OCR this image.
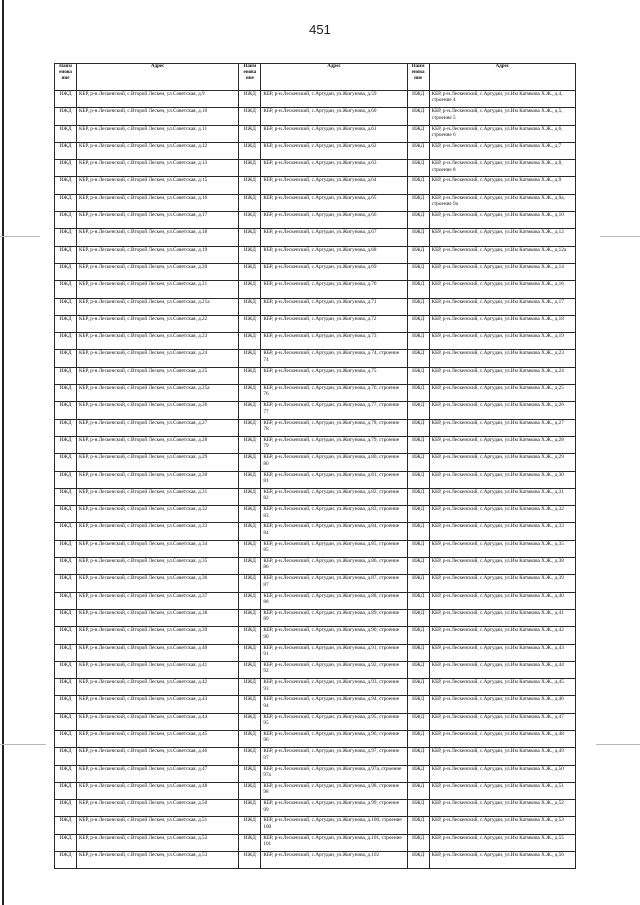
451
Наим енова ние	Адрес	Наим енова ние	Адрес	Наим енова ние	Адрес
ИЖД	КБР, р-н.Лескенский, с.Второй Лескен, ул.Советская, д.9	ИЖД	КБР, р-н.Лескенский, с.Аргудан, ул.Жигунова, д.59	ИЖД	КБР, р-н.Лескенский, с.Аргудан, ул.Им Катмкова Х.Ж., д.4, строение 4
ИЖД	КБР, р-н.Лескенский, с.Второй Лескен, ул.Советская, д.10	ИЖД	КБР, р-н.Лескенский, с.Аргудан, ул.Жигунова, д.60	ИЖД	КБР, р-н.Лескенский, с.Аргудан, ул.Им Катмкова Х.Ж., д.5, строение 5
ИЖД	КБР, р-н.Лескенский, с.Второй Лескен, ул.Советская, д.11	ИЖД	КБР, р-н.Лескенский, с.Аргудан, ул.Жигунова, д.61	ИЖД	КБР, р-н.Лескенский, с.Аргудан, ул.Им Катмкова Х.Ж., д.6, строение 6
ИЖД	КБР, р-н.Лескенский, с.Второй Лескен, ул.Советская, д.12	ИЖД	КБР, р-н.Лескенский, с.Аргудан, ул.Жигунова, д.62	ИЖД	КБР, р-н.Лескенский, с.Аргудан, ул.Им Катмкова Х.Ж., д.7
ИЖД	КБР, р-н.Лескенский, с.Второй Лескен, ул.Советская, д.13	ИЖД	КБР, р-н.Лескенский, с.Аргудан, ул.Жигунова, д.63	ИЖД	КБР, р-н.Лескенский, с.Аргудан, ул.Им Катмкова Х.Ж., д.8, строение 8
ИЖД	КБР, р-н.Лескенский, с.Второй Лескен, ул.Советская, д.15	ИЖД	КБР, р-н.Лескенский, с.Аргудан, ул.Жигунова, д.64	ИЖД	КБР, р-н.Лескенский, с.Аргудан, ул.Им Катмкова Х.Ж., д.9
ИЖД	КБР, р-н.Лескенский, с.Второй Лескен, ул.Советская, д.16	ИЖД	КБР, р-н.Лескенский, с.Аргудан, ул.Жигунова, д.65	ИЖД	КБР, р-н.Лескенский, с.Аргудан, ул.Им Катмкова Х.Ж., д.9а, строение 9а
ИЖД	КБР, р-н.Лескенский, с.Второй Лескен, ул.Советская, д.17	ИЖД	КБР, р-н.Лескенский, с.Аргудан, ул.Жигунова, д.66	ИЖД	КБР, р-н.Лескенский, с.Аргудан, ул.Им Катмкова Х.Ж., д.10
ИЖД	КБР, р-н.Лескенский, с.Второй Лескен, ул.Советская, д.18	ИЖД	КБР, р-н.Лескенский, с.Аргудан, ул.Жигунова, д.67	ИЖД	КБР, р-н.Лескенский, с.Аргудан, ул.Им Катмкова Х.Ж., д.12
ИЖД	КБР, р-н.Лескенский, с.Второй Лескен, ул.Советская, д.19	ИЖД	КБР, р-н.Лескенский, с.Аргудан, ул.Жигунова, д.68	ИЖД	КБР, р-н.Лескенский, с.Аргудан, ул.Им Катмкова Х.Ж., д.12а
ИЖД	КБР, р-н.Лескенский, с.Второй Лескен, ул.Советская, д.20	ИЖД	КБР, р-н.Лескенский, с.Аргудан, ул.Жигунова, д.69	ИЖД	КБР, р-н.Лескенский, с.Аргудан, ул.Им Катмкова Х.Ж., д.14
ИЖД	КБР, р-н.Лескенский, с.Второй Лескен, ул.Советская, д.21	ИЖД	КБР, р-н.Лескенский, с.Аргудан, ул.Жигунова, д.70	ИЖД	КБР, р-н.Лескенский, с.Аргудан, ул.Им Катмкова Х.Ж., д.16
ИЖД	КБР, р-н.Лескенский, с.Второй Лескен, ул.Советская, д.21а	ИЖД	КБР, р-н.Лескенский, с.Аргудан, ул.Жигунова, д.71	ИЖД	КБР, р-н.Лескенский, с.Аргудан, ул.Им Катмкова Х.Ж., д.17
ИЖД	КБР, р-н.Лескенский, с.Второй Лескен, ул.Советская, д.22	ИЖД	КБР, р-н.Лескенский, с.Аргудан, ул.Жигунова, д.72	ИЖД	КБР, р-н.Лескенский, с.Аргудан, ул.Им Катмкова Х.Ж., д.18
ИЖД	КБР, р-н.Лескенский, с.Второй Лескен, ул.Советская, д.23	ИЖД	КБР, р-н.Лескенский, с.Аргудан, ул.Жигунова, д.73	ИЖД	КБР, р-н.Лескенский, с.Аргудан, ул.Им Катмкова Х.Ж., д.19
ИЖД	КБР, р-н.Лескенский, с.Второй Лескен, ул.Советская, д.24	ИЖД	КБР, р-н.Лескенский, с.Аргудан, ул.Жигунова, д.74, строение 74	ИЖД	КБР, р-н.Лескенский, с.Аргудан, ул.Им Катмкова Х.Ж., д.23
ИЖД	КБР, р-н.Лескенский, с.Второй Лескен, ул.Советская, д.25	ИЖД	КБР, р-н.Лескенский, с.Аргудан, ул.Жигунова, д.75	ИЖД	КБР, р-н.Лескенский, с.Аргудан, ул.Им Катмкова Х.Ж., д.24
ИЖД	КБР, р-н.Лескенский, с.Второй Лескен, ул.Советская, д.25а	ИЖД	КБР, р-н.Лескенский, с.Аргудан, ул.Жигунова, д.76, строение 76	ИЖД	КБР, р-н.Лескенский, с.Аргудан, ул.Им Катмкова Х.Ж., д.25
ИЖД	КБР, р-н.Лескенский, с.Второй Лескен, ул.Советская, д.26	ИЖД	КБР, р-н.Лескенский, с.Аргудан, ул.Жигунова, д.77, строение 77	ИЖД	КБР, р-н.Лескенский, с.Аргудан, ул.Им Катмкова Х.Ж., д.26
ИЖД	КБР, р-н.Лескенский, с.Второй Лескен, ул.Советская, д.27	ИЖД	КБР, р-н.Лескенский, с.Аргудан, ул.Жигунова, д.78, строение 78	ИЖД	КБР, р-н.Лескенский, с.Аргудан, ул.Им Катмкова Х.Ж., д.27
ИЖД	КБР, р-н.Лескенский, с.Второй Лескен, ул.Советская, д.28	ИЖД	КБР, р-н.Лескенский, с.Аргудан, ул.Жигунова, д.79, строение 79	ИЖД	КБР, р-н.Лескенский, с.Аргудан, ул.Им Катмкова Х.Ж., д.28
ИЖД	КБР, р-н.Лескенский, с.Второй Лескен, ул.Советская, д.29	ИЖД	КБР, р-н.Лескенский, с.Аргудан, ул.Жигунова, д.80, строение 80	ИЖД	КБР, р-н.Лескенский, с.Аргудан, ул.Им Катмкова Х.Ж., д.29
ИЖД	КБР, р-н.Лескенский, с.Второй Лескен, ул.Советская, д.30	ИЖД	КБР, р-н.Лескенский, с.Аргудан, ул.Жигунова, д.81, строение 81	ИЖД	КБР, р-н.Лескенский, с.Аргудан, ул.Им Катмкова Х.Ж., д.30
ИЖД	КБР, р-н.Лескенский, с.Второй Лескен, ул.Советская, д.31	ИЖД	КБР, р-н.Лескенский, с.Аргудан, ул.Жигунова, д.82, строение 82	ИЖД	КБР, р-н.Лескенский, с.Аргудан, ул.Им Катмкова Х.Ж., д.31
ИЖД	КБР, р-н.Лескенский, с.Второй Лескен, ул.Советская, д.32	ИЖД	КБР, р-н.Лескенский, с.Аргудан, ул.Жигунова, д.83, строение 83	ИЖД	КБР, р-н.Лескенский, с.Аргудан, ул.Им Катмкова Х.Ж., д.32
ИЖД	КБР, р-н.Лескенский, с.Второй Лескен, ул.Советская, д.33	ИЖД	КБР, р-н.Лескенский, с.Аргудан, ул.Жигунова, д.84, строение 84	ИЖД	КБР, р-н.Лескенский, с.Аргудан, ул.Им Катмкова Х.Ж., д.33
ИЖД	КБР, р-н.Лескенский, с.Второй Лескен, ул.Советская, д.34	ИЖД	КБР, р-н.Лескенский, с.Аргудан, ул.Жигунова, д.85, строение 85	ИЖД	КБР, р-н.Лескенский, с.Аргудан, ул.Им Катмкова Х.Ж., д.35
ИЖД	КБР, р-н.Лескенский, с.Второй Лескен, ул.Советская, д.35	ИЖД	КБР, р-н.Лескенский, с.Аргудан, ул.Жигунова, д.86, строение 86	ИЖД	КБР, р-н.Лескенский, с.Аргудан, ул.Им Катмкова Х.Ж., д.38
ИЖД	КБР, р-н.Лескенский, с.Второй Лескен, ул.Советская, д.36	ИЖД	КБР, р-н.Лескенский, с.Аргудан, ул.Жигунова, д.87, строение 87	ИЖД	КБР, р-н.Лескенский, с.Аргудан, ул.Им Катмкова Х.Ж., д.39
ИЖД	КБР, р-н.Лескенский, с.Второй Лескен, ул.Советская, д.37	ИЖД	КБР, р-н.Лескенский, с.Аргудан, ул.Жигунова, д.88, строение 88	ИЖД	КБР, р-н.Лескенский, с.Аргудан, ул.Им Катмкова Х.Ж., д.40
ИЖД	КБР, р-н.Лескенский, с.Второй Лескен, ул.Советская, д.38	ИЖД	КБР, р-н.Лескенский, с.Аргудан, ул.Жигунова, д.89, строение 89	ИЖД	КБР, р-н.Лескенский, с.Аргудан, ул.Им Катмкова Х.Ж., д.41
ИЖД	КБР, р-н.Лескенский, с.Второй Лескен, ул.Советская, д.39	ИЖД	КБР, р-н.Лескенский, с.Аргудан, ул.Жигунова, д.90, строение 90	ИЖД	КБР, р-н.Лескенский, с.Аргудан, ул.Им Катмкова Х.Ж., д.42
ИЖД	КБР, р-н.Лескенский, с.Второй Лескен, ул.Советская, д.40	ИЖД	КБР, р-н.Лескенский, с.Аргудан, ул.Жигунова, д.91, строение 91	ИЖД	КБР, р-н.Лескенский, с.Аргудан, ул.Им Катмкова Х.Ж., д.43
ИЖД	КБР, р-н.Лескенский, с.Второй Лескен, ул.Советская, д.41	ИЖД	КБР, р-н.Лескенский, с.Аргудан, ул.Жигунова, д.92, строение 92	ИЖД	КБР, р-н.Лескенский, с.Аргудан, ул.Им Катмкова Х.Ж., д.44
ИЖД	КБР, р-н.Лескенский, с.Второй Лескен, ул.Советская, д.42	ИЖД	КБР, р-н.Лескенский, с.Аргудан, ул.Жигунова, д.93, строение 93	ИЖД	КБР, р-н.Лескенский, с.Аргудан, ул.Им Катмкова Х.Ж., д.45
ИЖД	КБР, р-н.Лескенский, с.Второй Лескен, ул.Советская, д.43	ИЖД	КБР, р-н.Лескенский, с.Аргудан, ул.Жигунова, д.94, строение 94	ИЖД	КБР, р-н.Лескенский, с.Аргудан, ул.Им Катмкова Х.Ж., д.46
ИЖД	КБР, р-н.Лескенский, с.Второй Лескен, ул.Советская, д.44	ИЖД	КБР, р-н.Лескенский, с.Аргудан, ул.Жигунова, д.95, строение 95	ИЖД	КБР, р-н.Лескенский, с.Аргудан, ул.Им Катмкова Х.Ж., д.47
ИЖД	КБР, р-н.Лескенский, с.Второй Лескен, ул.Советская, д.45	ИЖД	КБР, р-н.Лескенский, с.Аргудан, ул.Жигунова, д.96, строение 96	ИЖД	КБР, р-н.Лескенский, с.Аргудан, ул.Им Катмкова Х.Ж., д.48
ИЖД	КБР, р-н.Лескенский, с.Второй Лескен, ул.Советская, д.46	ИЖД	КБР, р-н.Лескенский, с.Аргудан, ул.Жигунова, д.97, строение 97	ИЖД	КБР, р-н.Лескенский, с.Аргудан, ул.Им Катмкова Х.Ж., д.49
ИЖД	КБР, р-н.Лескенский, с.Второй Лескен, ул.Советская, д.47	ИЖД	КБР, р-н.Лескенский, с.Аргудан, ул.Жигунова, д.97а, строение 97а	ИЖД	КБР, р-н.Лескенский, с.Аргудан, ул.Им Катмкова Х.Ж., д.50
ИЖД	КБР, р-н.Лескенский, с.Второй Лескен, ул.Советская, д.48	ИЖД	КБР, р-н.Лескенский, с.Аргудан, ул.Жигунова, д.98, строение 98	ИЖД	КБР, р-н.Лескенский, с.Аргудан, ул.Им Катмкова Х.Ж., д.51
ИЖД	КБР, р-н.Лескенский, с.Второй Лескен, ул.Советская, д.50	ИЖД	КБР, р-н.Лескенский, с.Аргудан, ул.Жигунова, д.99, строение 99	ИЖД	КБР, р-н.Лескенский, с.Аргудан, ул.Им Катмкова Х.Ж., д.52
ИЖД	КБР, р-н.Лескенский, с.Второй Лескен, ул.Советская, д.51	ИЖД	КБР, р-н.Лескенский, с.Аргудан, ул.Жигунова, д.100, строение 100	ИЖД	КБР, р-н.Лескенский, с.Аргудан, ул.Им Катмкова Х.Ж., д.53
ИЖД	КБР, р-н.Лескенский, с.Второй Лескен, ул.Советская, д.52	ИЖД	КБР, р-н.Лескенский, с.Аргудан, ул.Жигунова, д.101, строение 101	ИЖД	КБР, р-н.Лескенский, с.Аргудан, ул.Им Катмкова Х.Ж., д.55
ИЖД	КБР, р-н.Лескенский, с.Второй Лескен, ул.Советская, д.53	ИЖД	КБР, р-н.Лескенский, с.Аргудан, ул.Жигунова, д.102	ИЖД	КБР, р-н.Лескенский, с.Аргудан, ул.Им Катмкова Х.Ж., д.56
